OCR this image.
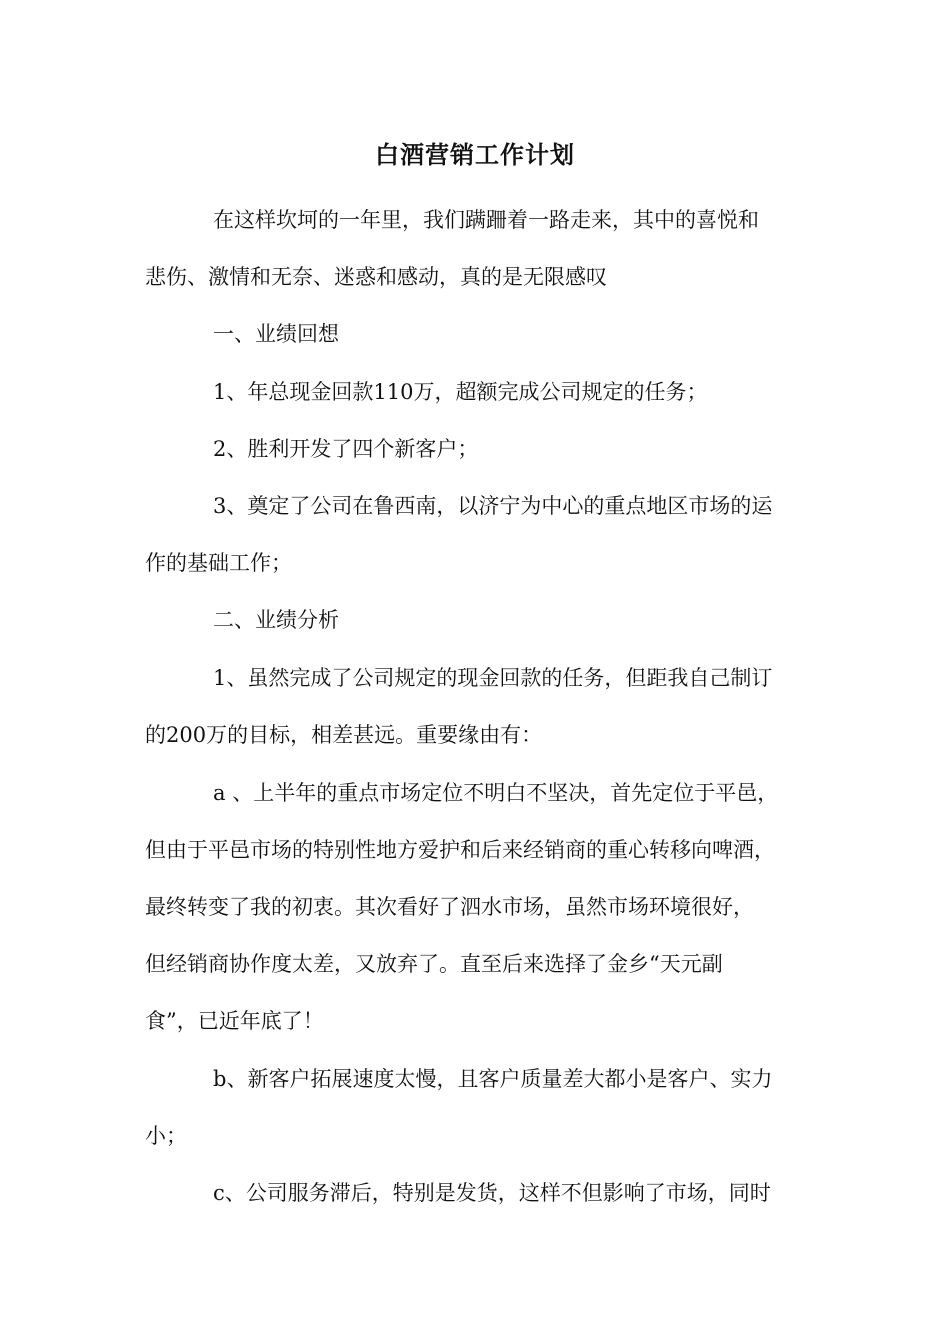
白酒营销工作计划
在这样坎坷的一年里，我们蹒跚着一路走来，其中的喜悦和
悲伤、激情和无奈、迷惑和感动，真的是无限感叹
一、业绩回想
1、年总现金回款110万，超额完成公司规定的任务；
2、胜利开发了四个新客户；
3、奠定了公司在鲁西南，以济宁为中心的重点地区市场的运
作的基础工作；
二、业绩分析
1、虽然完成了公司规定的现金回款的任务，但距我自己制订
的200万的目标，相差甚远。重要缘由有：
a 、上半年的重点市场定位不明白不坚决，首先定位于平邑，
但由于平邑市场的特别性地方爱护和后来经销商的重心转移向啤酒，
最终转变了我的初衷。其次看好了泗水市场，虽然市场环境很好，
但经销商协作度太差，又放弃了。直至后来选择了金乡“天元副
食”，已近年底了！
b、新客户拓展速度太慢，且客户质量差大都小是客户、实力
小；
c、公司服务滞后，特别是发货，这样不但影响了市场，同时
